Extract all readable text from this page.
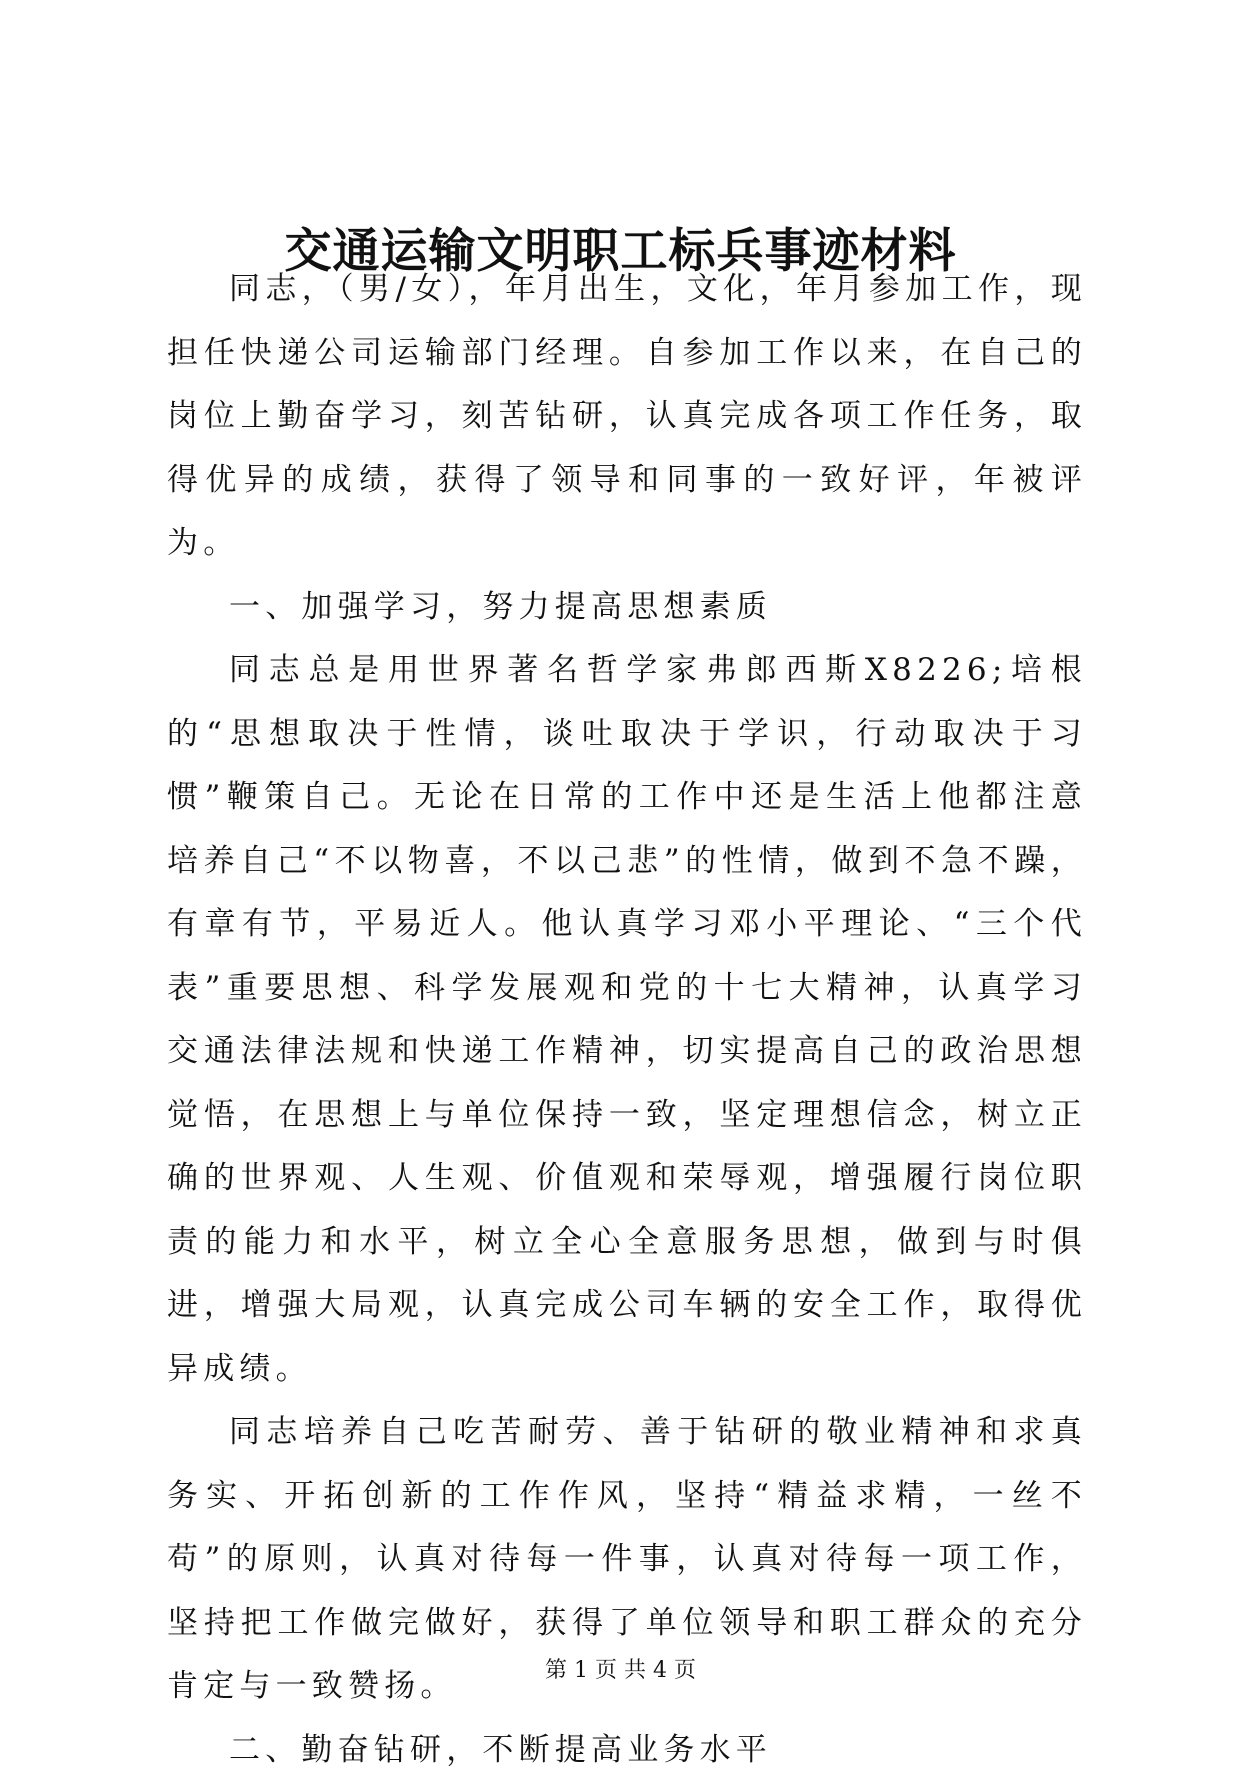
交通运输文明职工标兵事迹材料

同志，（男/女），年月出生，文化，年月参加工作，现担任快递公司运输部门经理。自参加工作以来，在自己的岗位上勤奋学习，刻苦钻研，认真完成各项工作任务，取得优异的成绩，获得了领导和同事的一致好评，年被评为。

一、加强学习，努力提高思想素质

同志总是用世界著名哲学家弗郎西斯X8226;培根的“思想取决于性情，谈吐取决于学识，行动取决于习惯”鞭策自己。无论在日常的工作中还是生活上他都注意培养自己“不以物喜，不以己悲”的性情，做到不急不躁，有章有节，平易近人。他认真学习邓小平理论、“三个代表”重要思想、科学发展观和党的十七大精神，认真学习交通法律法规和快递工作精神，切实提高自己的政治思想觉悟，在思想上与单位保持一致，坚定理想信念，树立正确的世界观、人生观、价值观和荣辱观，增强履行岗位职责的能力和水平，树立全心全意服务思想，做到与时俱进，增强大局观，认真完成公司车辆的安全工作，取得优异成绩。

同志培养自己吃苦耐劳、善于钻研的敬业精神和求真务实、开拓创新的工作作风，坚持“精益求精，一丝不苟”的原则，认真对待每一件事，认真对待每一项工作，坚持把工作做完做好，获得了单位领导和职工群众的充分肯定与一致赞扬。

二、勤奋钻研，不断提高业务水平

第 1 页 共 4 页
